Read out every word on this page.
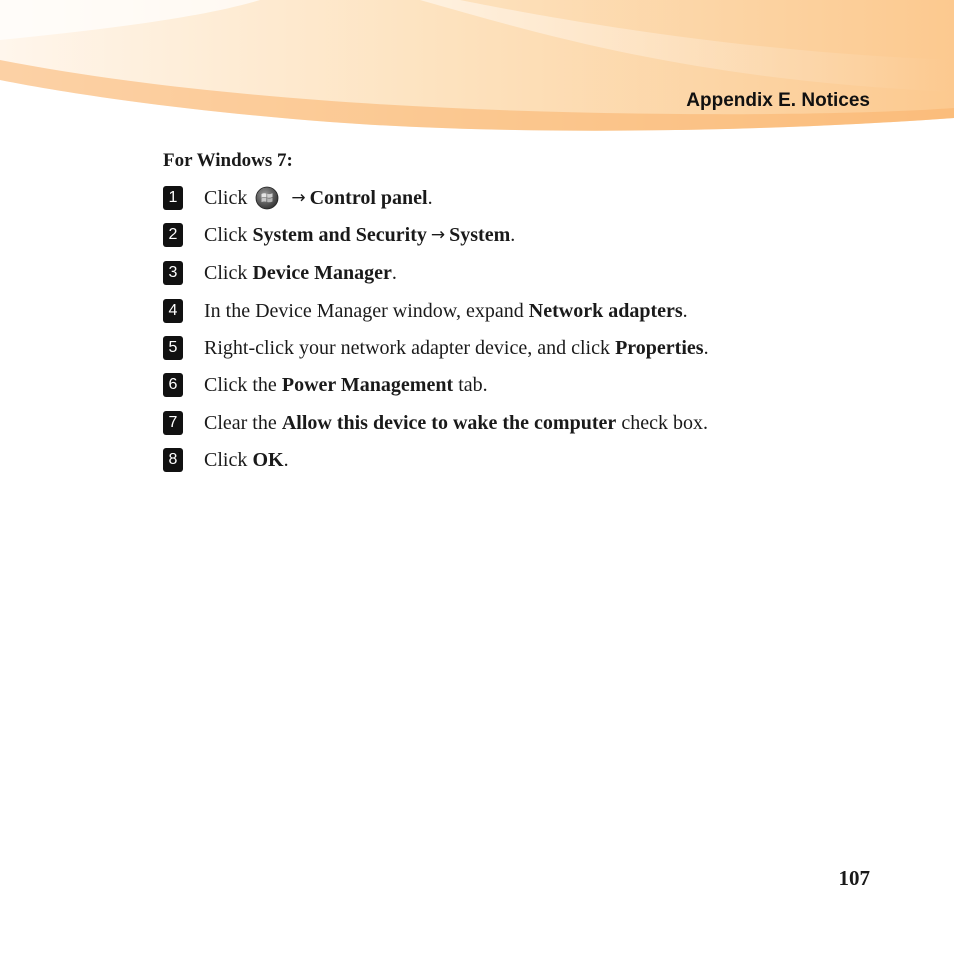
Appendix E. Notices
For Windows 7:
1 Click	→ Control panel .
2 Click
System and Security → System .
3 Click
Device Manager .
4 In the Device Manager window, expand
Network adapters .
5 Right-click your network adapter device, and click
Properties .
6 Click the
Power Management
tab.
7 Clear the
Allow this device to wake the computer
check box.
8 Click
OK .
107
